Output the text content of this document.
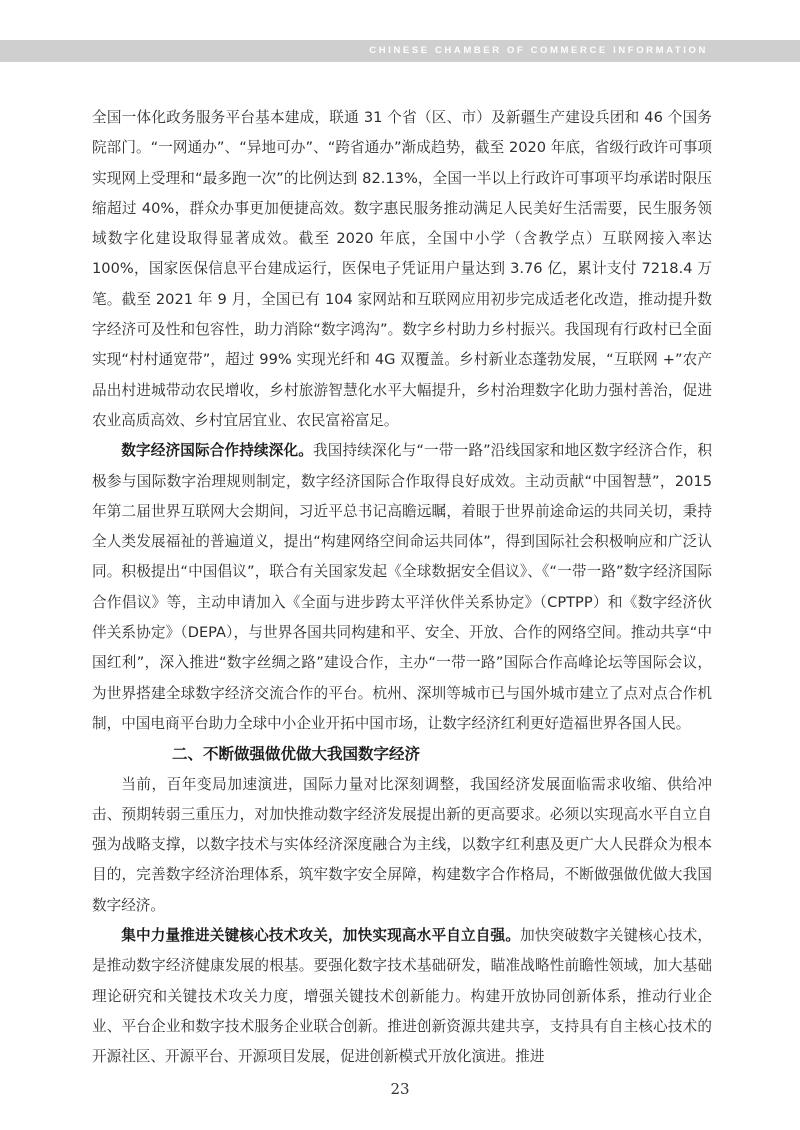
CHINESE CHAMBER OF COMMERCE INFORMATION

全国一体化政务服务平台基本建成，联通 31 个省（区、市）及新疆生产建设兵团和 46 个国务院部门。“一网通办”、“异地可办”、“跨省通办”渐成趋势，截至 2020 年底，省级行政许可事项实现网上受理和“最多跑一次”的比例达到 82.13%，全国一半以上行政许可事项平均承诺时限压缩超过 40%，群众办事更加便捷高效。数字惠民服务推动满足人民美好生活需要，民生服务领域数字化建设取得显著成效。截至 2020 年底，全国中小学（含教学点）互联网接入率达 100%，国家医保信息平台建成运行，医保电子凭证用户量达到 3.76 亿，累计支付 7218.4 万笔。截至 2021 年 9 月，全国已有 104 家网站和互联网应用初步完成适老化改造，推动提升数字经济可及性和包容性，助力消除“数字鸿沟”。数字乡村助力乡村振兴。我国现有行政村已全面实现“村村通宽带”，超过 99% 实现光纤和 4G 双覆盖。乡村新业态蓬勃发展，“互联网 +”农产品出村进城带动农民增收，乡村旅游智慧化水平大幅提升，乡村治理数字化助力强村善治，促进农业高质高效、乡村宜居宜业、农民富裕富足。

数字经济国际合作持续深化。我国持续深化与“一带一路”沿线国家和地区数字经济合作，积极参与国际数字治理规则制定，数字经济国际合作取得良好成效。主动贡献“中国智慧”，2015 年第二届世界互联网大会期间，习近平总书记高瞻远瞩，着眼于世界前途命运的共同关切，秉持全人类发展福祉的普遍道义，提出“构建网络空间命运共同体”，得到国际社会积极响应和广泛认同。积极提出“中国倡议”，联合有关国家发起《全球数据安全倡议》、《“一带一路”数字经济国际合作倡议》等，主动申请加入《全面与进步跨太平洋伙伴关系协定》（CPTPP）和《数字经济伙伴关系协定》（DEPA），与世界各国共同构建和平、安全、开放、合作的网络空间。推动共享“中国红利”，深入推进“数字丝绸之路”建设合作，主办“一带一路”国际合作高峰论坛等国际会议，为世界搭建全球数字经济交流合作的平台。杭州、深圳等城市已与国外城市建立了点对点合作机制，中国电商平台助力全球中小企业开拓中国市场，让数字经济红利更好造福世界各国人民。

二、不断做强做优做大我国数字经济

当前，百年变局加速演进，国际力量对比深刻调整，我国经济发展面临需求收缩、供给冲击、预期转弱三重压力，对加快推动数字经济发展提出新的更高要求。必须以实现高水平自立自强为战略支撑，以数字技术与实体经济深度融合为主线，以数字红利惠及更广大人民群众为根本目的，完善数字经济治理体系，筑牢数字安全屏障，构建数字合作格局，不断做强做优做大我国数字经济。

集中力量推进关键核心技术攻关，加快实现高水平自立自强。加快突破数字关键核心技术，是推动数字经济健康发展的根基。要强化数字技术基础研发，瞄准战略性前瞻性领域，加大基础理论研究和关键技术攻关力度，增强关键技术创新能力。构建开放协同创新体系，推动行业企业、平台企业和数字技术服务企业联合创新。推进创新资源共建共享，支持具有自主核心技术的开源社区、开源平台、开源项目发展，促进创新模式开放化演进。推进

23
